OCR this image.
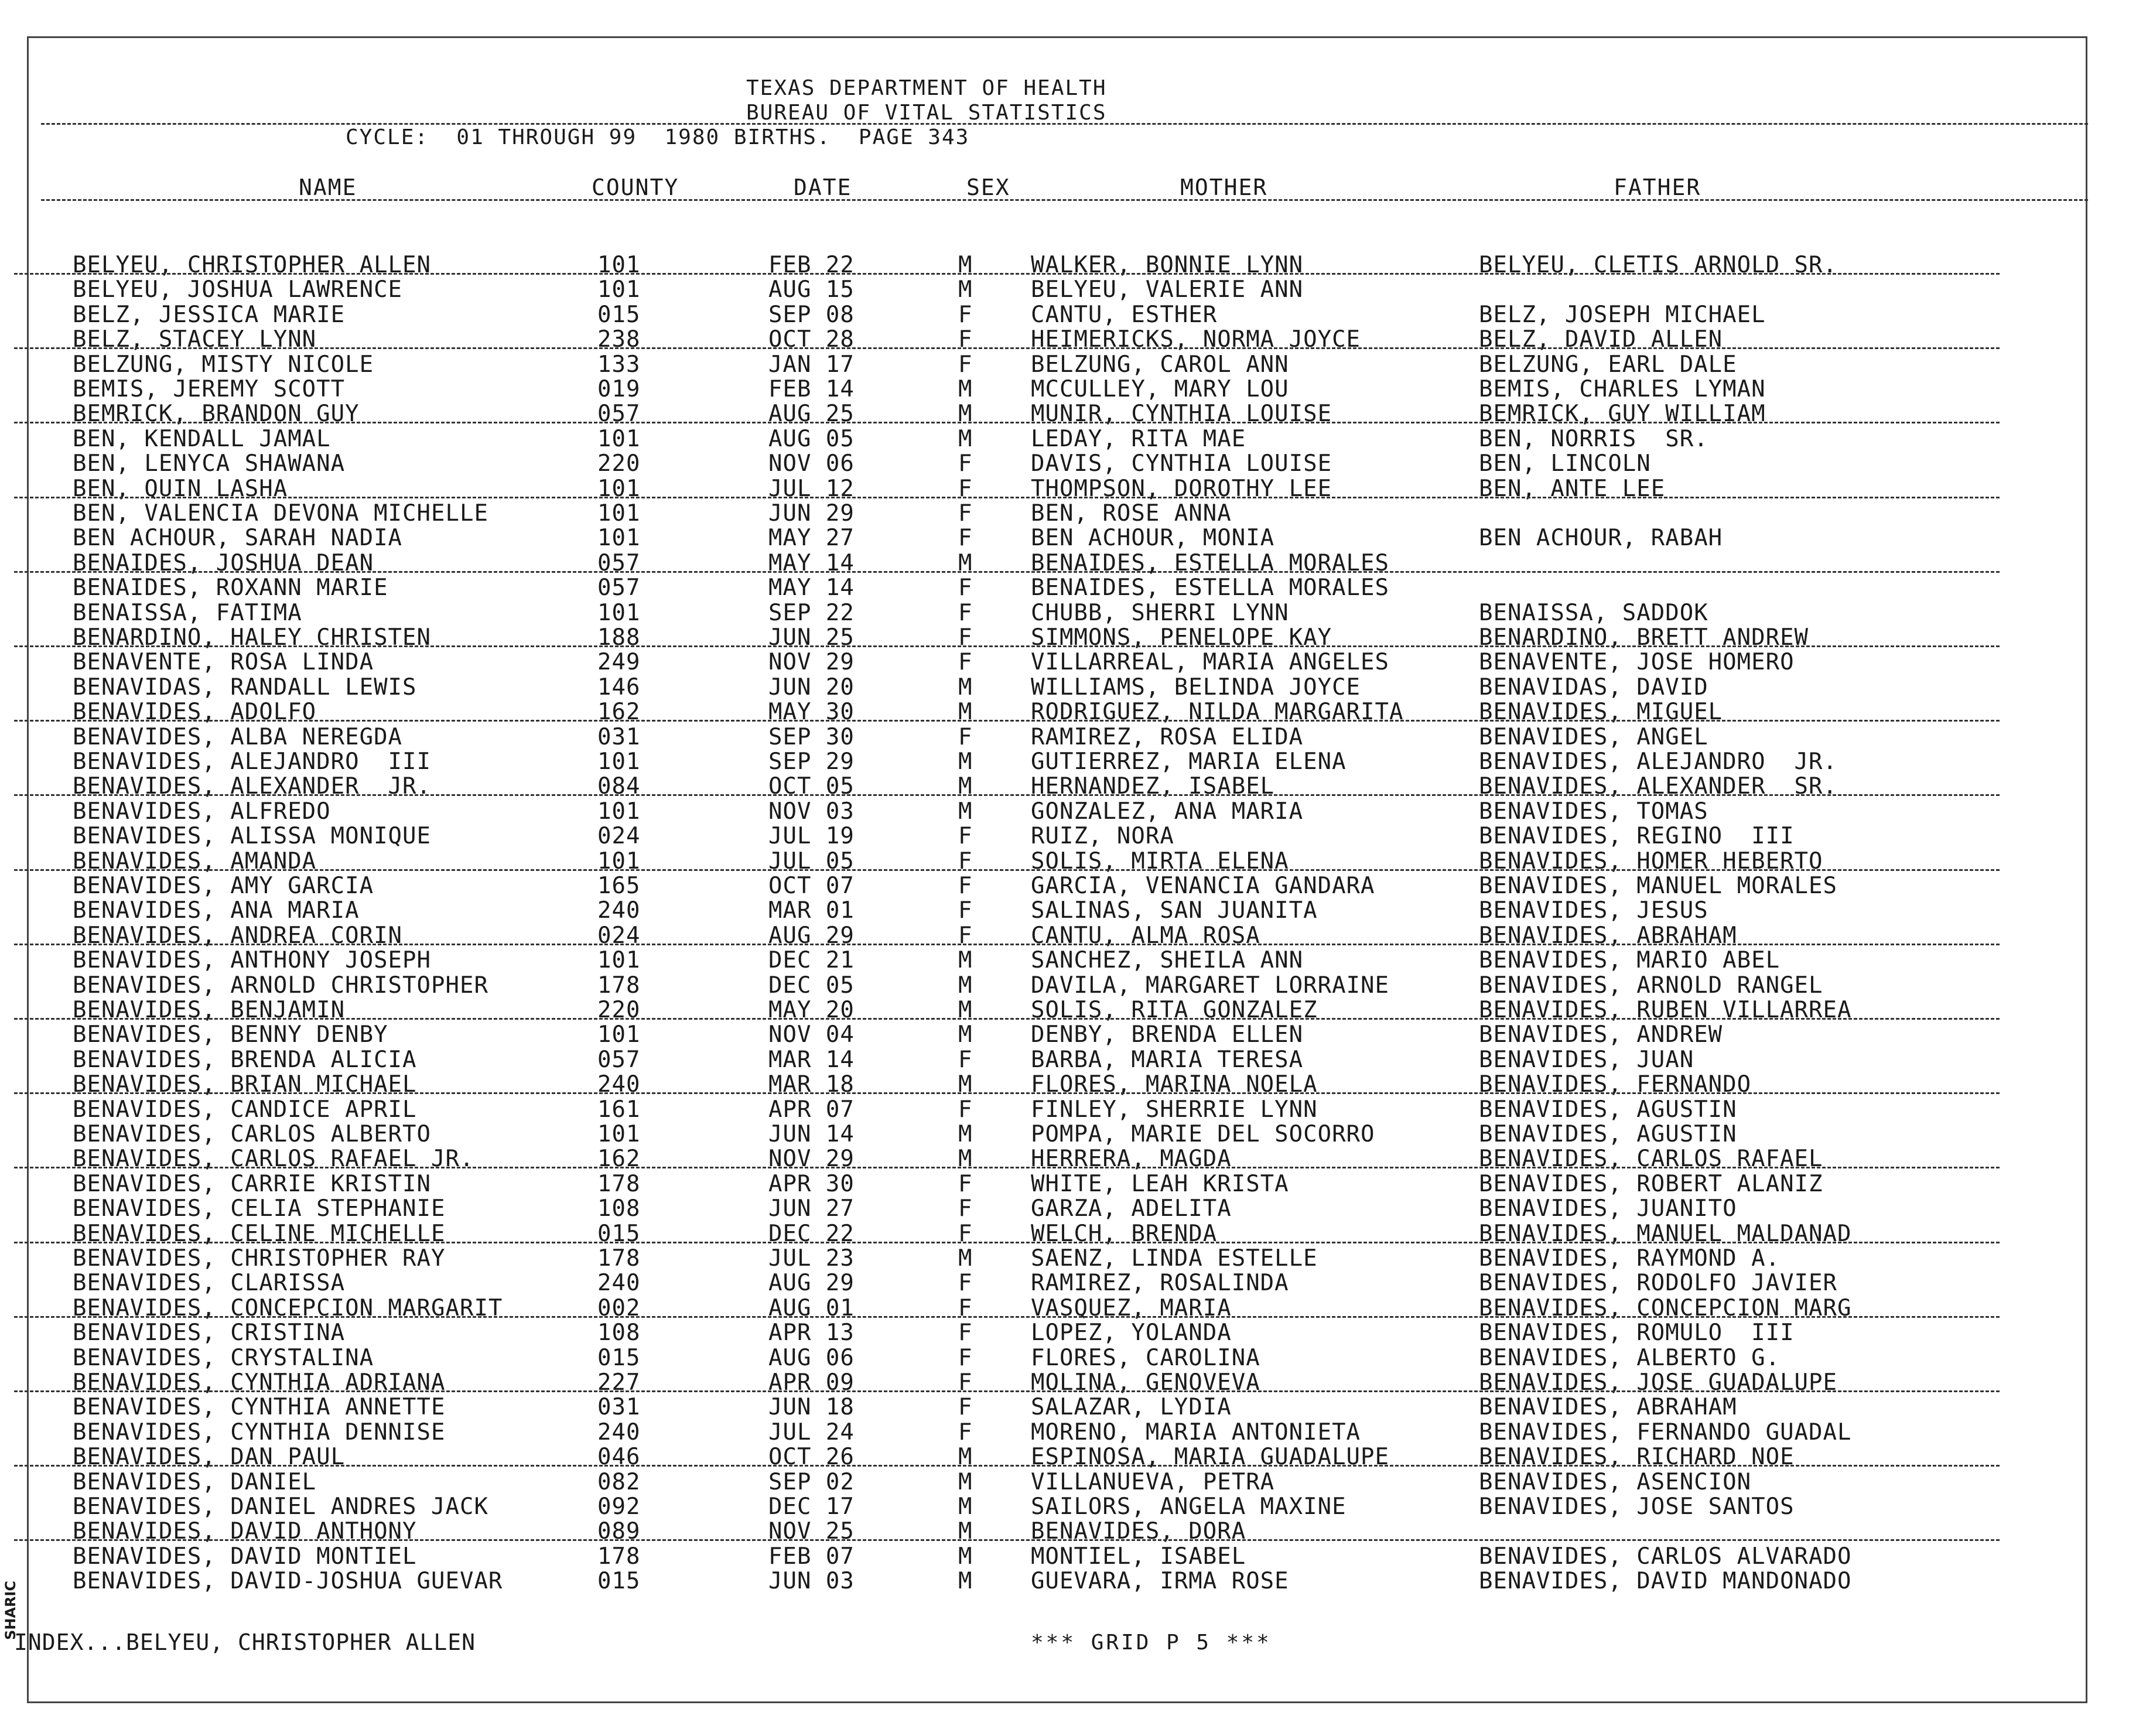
TEXAS DEPARTMENT OF HEALTH
BUREAU OF VITAL STATISTICS
CYCLE:  01 THROUGH 99  1980 BIRTHS.  PAGE 343
NAME	COUNTY	DATE	SEX	MOTHER	FATHER
BELYEU, CHRISTOPHER ALLEN	101	FEB 22	M	WALKER, BONNIE LYNN	BELYEU, CLETIS ARNOLD SR.
BELYEU, JOSHUA LAWRENCE	101	AUG 15	M	BELYEU, VALERIE ANN
BELZ, JESSICA MARIE	015	SEP 08	F	CANTU, ESTHER	BELZ, JOSEPH MICHAEL
BELZ, STACEY LYNN	238	OCT 28	F	HEIMERICKS, NORMA JOYCE	BELZ, DAVID ALLEN
BELZUNG, MISTY NICOLE	133	JAN 17	F	BELZUNG, CAROL ANN	BELZUNG, EARL DALE
BEMIS, JEREMY SCOTT	019	FEB 14	M	MCCULLEY, MARY LOU	BEMIS, CHARLES LYMAN
BEMRICK, BRANDON GUY	057	AUG 25	M	MUNIR, CYNTHIA LOUISE	BEMRICK, GUY WILLIAM
BEN, KENDALL JAMAL	101	AUG 05	M	LEDAY, RITA MAE	BEN, NORRIS  SR.
BEN, LENYCA SHAWANA	220	NOV 06	F	DAVIS, CYNTHIA LOUISE	BEN, LINCOLN
BEN, QUIN LASHA	101	JUL 12	F	THOMPSON, DOROTHY LEE	BEN, ANTE LEE
BEN, VALENCIA DEVONA MICHELLE	101	JUN 29	F	BEN, ROSE ANNA
BEN ACHOUR, SARAH NADIA	101	MAY 27	F	BEN ACHOUR, MONIA	BEN ACHOUR, RABAH
BENAIDES, JOSHUA DEAN	057	MAY 14	M	BENAIDES, ESTELLA MORALES
BENAIDES, ROXANN MARIE	057	MAY 14	F	BENAIDES, ESTELLA MORALES
BENAISSA, FATIMA	101	SEP 22	F	CHUBB, SHERRI LYNN	BENAISSA, SADDOK
BENARDINO, HALEY CHRISTEN	188	JUN 25	F	SIMMONS, PENELOPE KAY	BENARDINO, BRETT ANDREW
BENAVENTE, ROSA LINDA	249	NOV 29	F	VILLARREAL, MARIA ANGELES	BENAVENTE, JOSE HOMERO
BENAVIDAS, RANDALL LEWIS	146	JUN 20	M	WILLIAMS, BELINDA JOYCE	BENAVIDAS, DAVID
BENAVIDES, ADOLFO	162	MAY 30	M	RODRIGUEZ, NILDA MARGARITA	BENAVIDES, MIGUEL
BENAVIDES, ALBA NEREGDA	031	SEP 30	F	RAMIREZ, ROSA ELIDA	BENAVIDES, ANGEL
BENAVIDES, ALEJANDRO  III	101	SEP 29	M	GUTIERREZ, MARIA ELENA	BENAVIDES, ALEJANDRO  JR.
BENAVIDES, ALEXANDER  JR.	084	OCT 05	M	HERNANDEZ, ISABEL	BENAVIDES, ALEXANDER  SR.
BENAVIDES, ALFREDO	101	NOV 03	M	GONZALEZ, ANA MARIA	BENAVIDES, TOMAS
BENAVIDES, ALISSA MONIQUE	024	JUL 19	F	RUIZ, NORA	BENAVIDES, REGINO  III
BENAVIDES, AMANDA	101	JUL 05	F	SOLIS, MIRTA ELENA	BENAVIDES, HOMER HEBERTO
BENAVIDES, AMY GARCIA	165	OCT 07	F	GARCIA, VENANCIA GANDARA	BENAVIDES, MANUEL MORALES
BENAVIDES, ANA MARIA	240	MAR 01	F	SALINAS, SAN JUANITA	BENAVIDES, JESUS
BENAVIDES, ANDREA CORIN	024	AUG 29	F	CANTU, ALMA ROSA	BENAVIDES, ABRAHAM
BENAVIDES, ANTHONY JOSEPH	101	DEC 21	M	SANCHEZ, SHEILA ANN	BENAVIDES, MARIO ABEL
BENAVIDES, ARNOLD CHRISTOPHER	178	DEC 05	M	DAVILA, MARGARET LORRAINE	BENAVIDES, ARNOLD RANGEL
BENAVIDES, BENJAMIN	220	MAY 20	M	SOLIS, RITA GONZALEZ	BENAVIDES, RUBEN VILLARREA
BENAVIDES, BENNY DENBY	101	NOV 04	M	DENBY, BRENDA ELLEN	BENAVIDES, ANDREW
BENAVIDES, BRENDA ALICIA	057	MAR 14	F	BARBA, MARIA TERESA	BENAVIDES, JUAN
BENAVIDES, BRIAN MICHAEL	240	MAR 18	M	FLORES, MARINA NOELA	BENAVIDES, FERNANDO
BENAVIDES, CANDICE APRIL	161	APR 07	F	FINLEY, SHERRIE LYNN	BENAVIDES, AGUSTIN
BENAVIDES, CARLOS ALBERTO	101	JUN 14	M	POMPA, MARIE DEL SOCORRO	BENAVIDES, AGUSTIN
BENAVIDES, CARLOS RAFAEL JR.	162	NOV 29	M	HERRERA, MAGDA	BENAVIDES, CARLOS RAFAEL
BENAVIDES, CARRIE KRISTIN	178	APR 30	F	WHITE, LEAH KRISTA	BENAVIDES, ROBERT ALANIZ
BENAVIDES, CELIA STEPHANIE	108	JUN 27	F	GARZA, ADELITA	BENAVIDES, JUANITO
BENAVIDES, CELINE MICHELLE	015	DEC 22	F	WELCH, BRENDA	BENAVIDES, MANUEL MALDANAD
BENAVIDES, CHRISTOPHER RAY	178	JUL 23	M	SAENZ, LINDA ESTELLE	BENAVIDES, RAYMOND A.
BENAVIDES, CLARISSA	240	AUG 29	F	RAMIREZ, ROSALINDA	BENAVIDES, RODOLFO JAVIER
BENAVIDES, CONCEPCION MARGARIT	002	AUG 01	F	VASQUEZ, MARIA	BENAVIDES, CONCEPCION MARG
BENAVIDES, CRISTINA	108	APR 13	F	LOPEZ, YOLANDA	BENAVIDES, ROMULO  III
BENAVIDES, CRYSTALINA	015	AUG 06	F	FLORES, CAROLINA	BENAVIDES, ALBERTO G.
BENAVIDES, CYNTHIA ADRIANA	227	APR 09	F	MOLINA, GENOVEVA	BENAVIDES, JOSE GUADALUPE
BENAVIDES, CYNTHIA ANNETTE	031	JUN 18	F	SALAZAR, LYDIA	BENAVIDES, ABRAHAM
BENAVIDES, CYNTHIA DENNISE	240	JUL 24	F	MORENO, MARIA ANTONIETA	BENAVIDES, FERNANDO GUADAL
BENAVIDES, DAN PAUL	046	OCT 26	M	ESPINOSA, MARIA GUADALUPE	BENAVIDES, RICHARD NOE
BENAVIDES, DANIEL	082	SEP 02	M	VILLANUEVA, PETRA	BENAVIDES, ASENCION
BENAVIDES, DANIEL ANDRES JACK	092	DEC 17	M	SAILORS, ANGELA MAXINE	BENAVIDES, JOSE SANTOS
BENAVIDES, DAVID ANTHONY	089	NOV 25	M	BENAVIDES, DORA
BENAVIDES, DAVID MONTIEL	178	FEB 07	M	MONTIEL, ISABEL	BENAVIDES, CARLOS ALVARADO
BENAVIDES, DAVID-JOSHUA GUEVAR	015	JUN 03	M	GUEVARA, IRMA ROSE	BENAVIDES, DAVID MANDONADO
INDEX...BELYEU, CHRISTOPHER ALLEN	*** GRID P 5 ***
SHARIC
